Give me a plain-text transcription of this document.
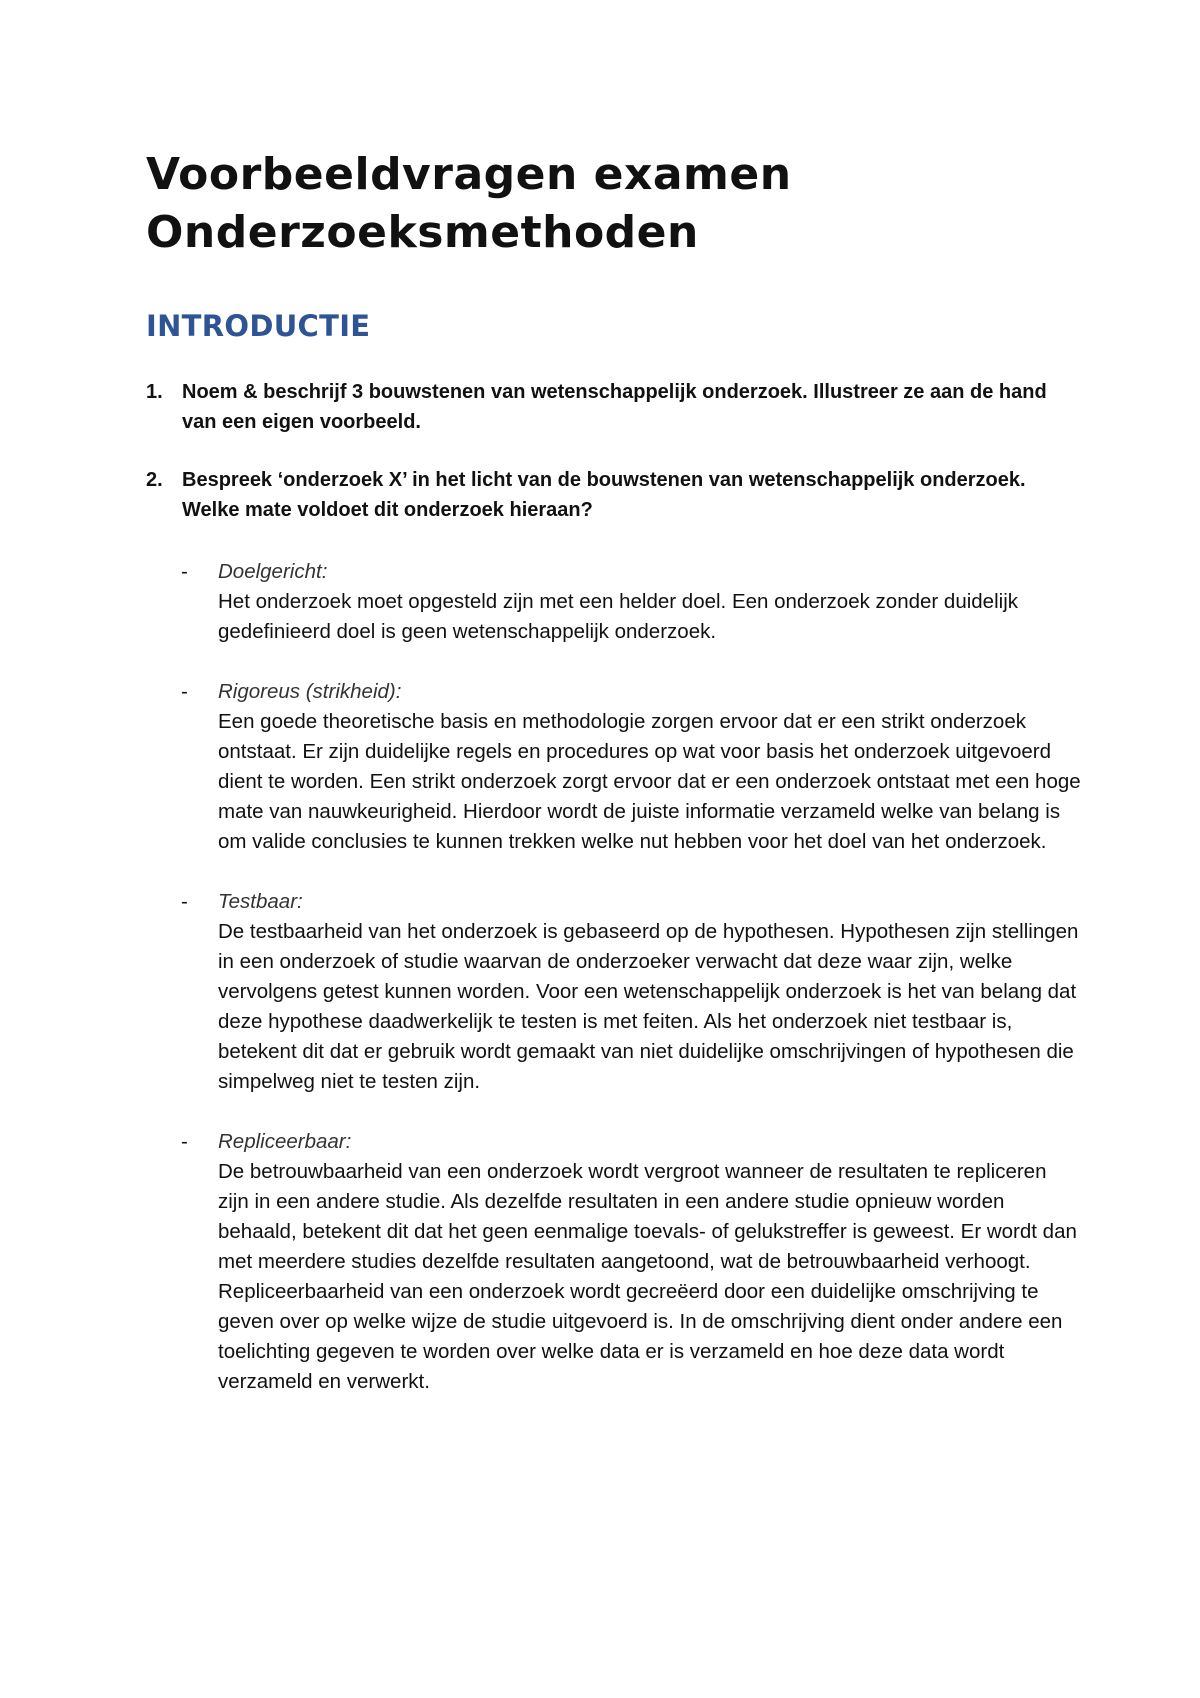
Voorbeeldvragen examen
Onderzoeksmethoden
INTRODUCTIE
1. Noem & beschrijf 3 bouwstenen van wetenschappelijk onderzoek. Illustreer ze aan de hand van een eigen voorbeeld.
2. Bespreek ‘onderzoek X’ in het licht van de bouwstenen van wetenschappelijk onderzoek. Welke mate voldoet dit onderzoek hieraan?
- Doelgericht:
Het onderzoek moet opgesteld zijn met een helder doel. Een onderzoek zonder duidelijk gedefinieerd doel is geen wetenschappelijk onderzoek.
- Rigoreus (strikheid):
Een goede theoretische basis en methodologie zorgen ervoor dat er een strikt onderzoek ontstaat. Er zijn duidelijke regels en procedures op wat voor basis het onderzoek uitgevoerd dient te worden. Een strikt onderzoek zorgt ervoor dat er een onderzoek ontstaat met een hoge mate van nauwkeurigheid. Hierdoor wordt de juiste informatie verzameld welke van belang is om valide conclusies te kunnen trekken welke nut hebben voor het doel van het onderzoek.
- Testbaar:
De testbaarheid van het onderzoek is gebaseerd op de hypothesen. Hypothesen zijn stellingen in een onderzoek of studie waarvan de onderzoeker verwacht dat deze waar zijn, welke vervolgens getest kunnen worden. Voor een wetenschappelijk onderzoek is het van belang dat deze hypothese daadwerkelijk te testen is met feiten. Als het onderzoek niet testbaar is, betekent dit dat er gebruik wordt gemaakt van niet duidelijke omschrijvingen of hypothesen die simpelweg niet te testen zijn.
- Repliceerbaar:
De betrouwbaarheid van een onderzoek wordt vergroot wanneer de resultaten te repliceren zijn in een andere studie. Als dezelfde resultaten in een andere studie opnieuw worden behaald, betekent dit dat het geen eenmalige toevals- of gelukstreffer is geweest. Er wordt dan met meerdere studies dezelfde resultaten aangetoond, wat de betrouwbaarheid verhoogt. Repliceerbaarheid van een onderzoek wordt gecreëerd door een duidelijke omschrijving te geven over op welke wijze de studie uitgevoerd is. In de omschrijving dient onder andere een toelichting gegeven te worden over welke data er is verzameld en hoe deze data wordt verzameld en verwerkt.
